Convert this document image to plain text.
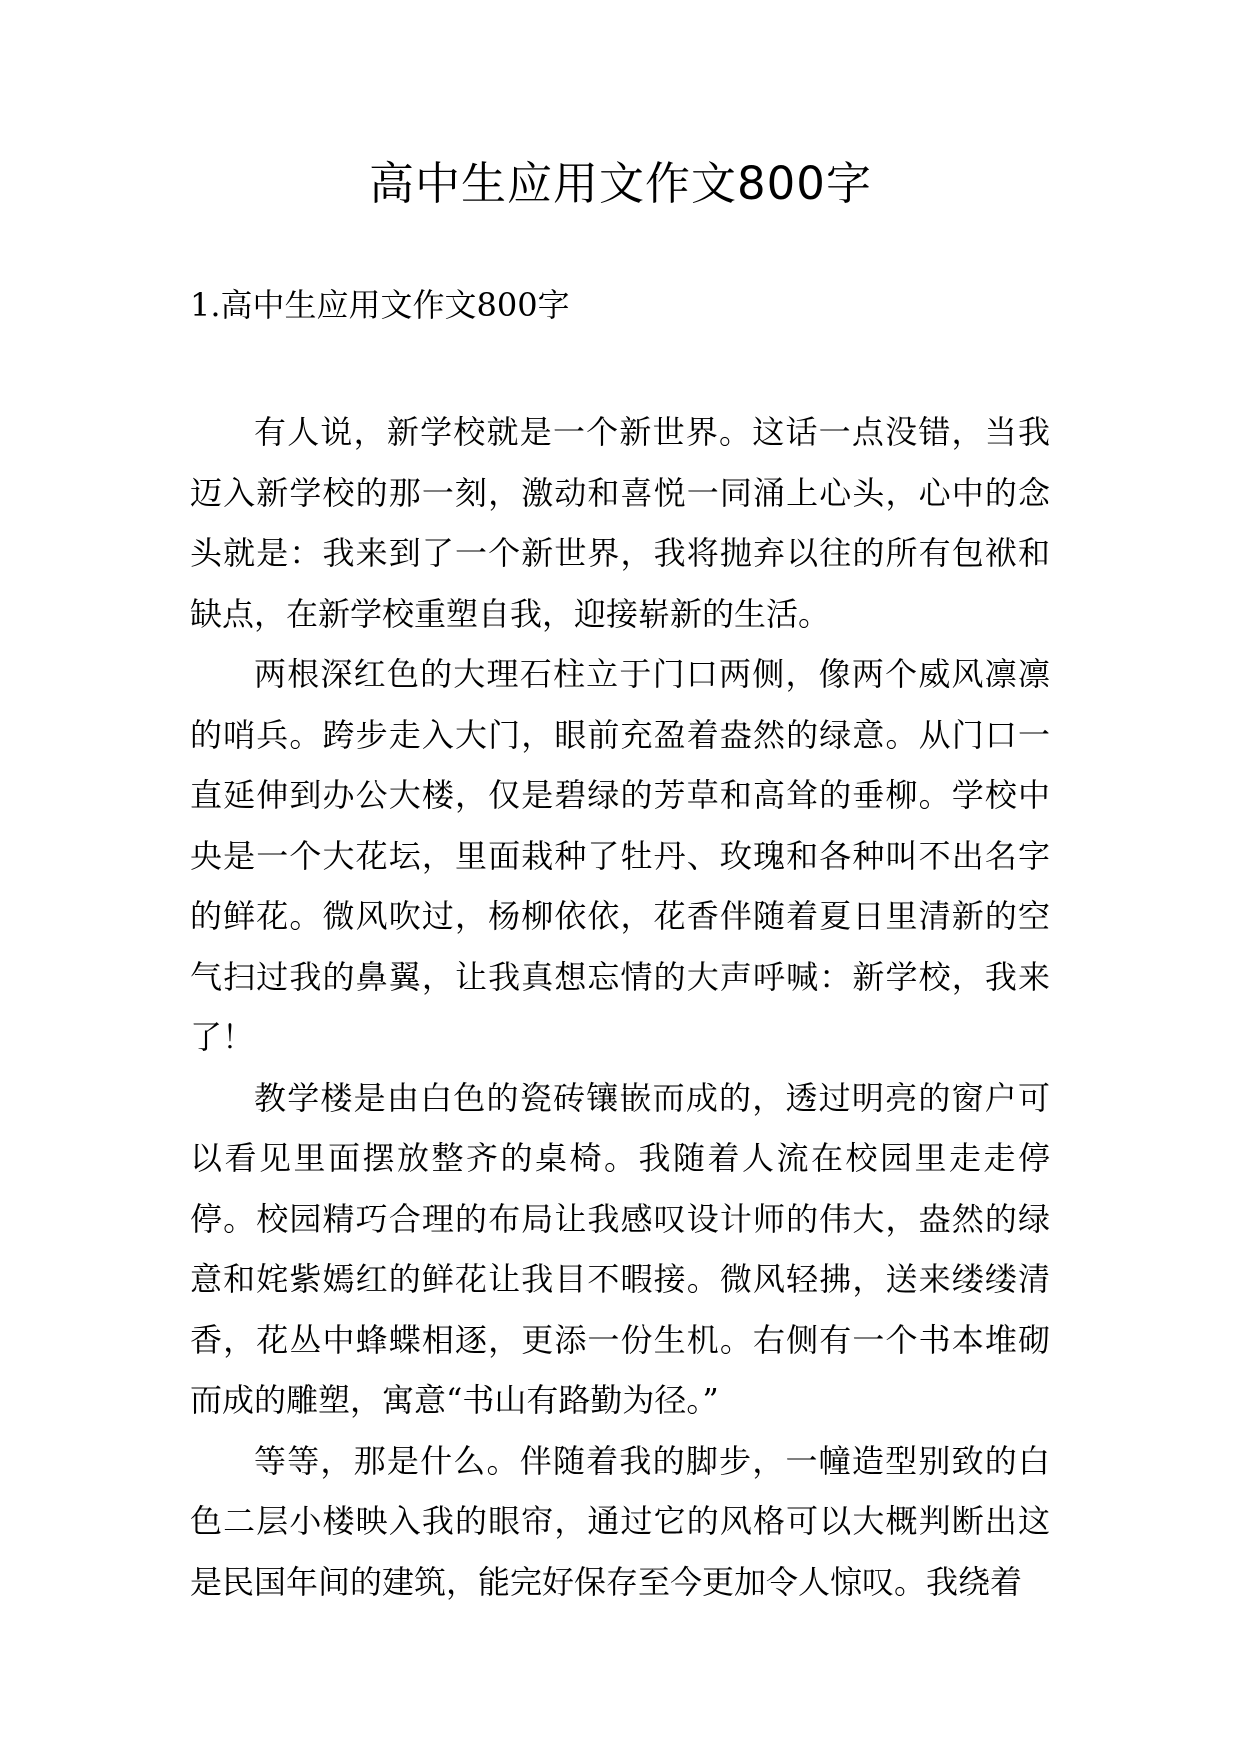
高中生应用文作文800字
1.高中生应用文作文800字

有人说，新学校就是一个新世界。这话一点没错，当我迈入新学校的那一刻，激动和喜悦一同涌上心头，心中的念头就是：我来到了一个新世界，我将抛弃以往的所有包袱和缺点，在新学校重塑自我，迎接崭新的生活。

两根深红色的大理石柱立于门口两侧，像两个威风凛凛的哨兵。跨步走入大门，眼前充盈着盎然的绿意。从门口一直延伸到办公大楼，仅是碧绿的芳草和高耸的垂柳。学校中央是一个大花坛，里面栽种了牡丹、玫瑰和各种叫不出名字的鲜花。微风吹过，杨柳依依，花香伴随着夏日里清新的空气扫过我的鼻翼，让我真想忘情的大声呼喊：新学校，我来了！

教学楼是由白色的瓷砖镶嵌而成的，透过明亮的窗户可以看见里面摆放整齐的桌椅。我随着人流在校园里走走停停。校园精巧合理的布局让我感叹设计师的伟大，盎然的绿意和姹紫嫣红的鲜花让我目不暇接。微风轻拂，送来缕缕清香，花丛中蜂蝶相逐，更添一份生机。右侧有一个书本堆砌而成的雕塑，寓意“书山有路勤为径。”

等等，那是什么。伴随着我的脚步，一幢造型别致的白色二层小楼映入我的眼帘，通过它的风格可以大概判断出这是民国年间的建筑，能完好保存至今更加令人惊叹。我绕着
